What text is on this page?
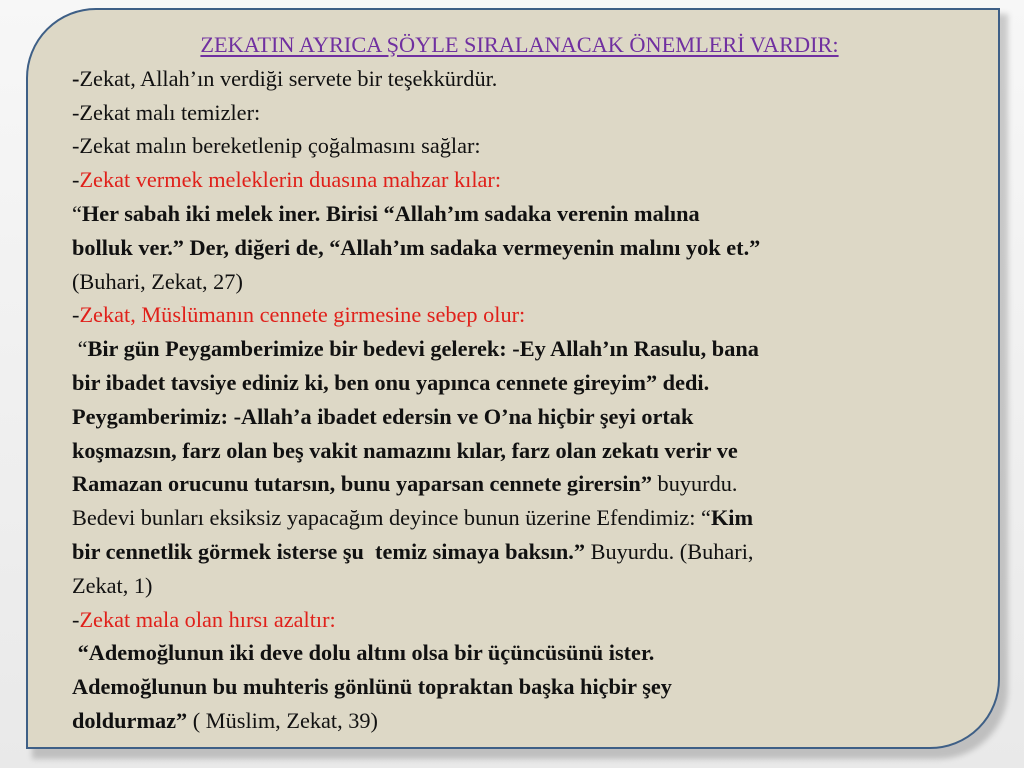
ZEKATIN AYRICA ŞÖYLE SIRALANACAK ÖNEMLERİ VARDIR:
-Zekat, Allah’ın verdiği servete bir teşekkürdür.
-Zekat malı temizler:
-Zekat malın bereketlenip çoğalmasını sağlar:
-Zekat vermek meleklerin duasına mahzar kılar:
“Her sabah iki melek iner. Birisi “Allah’ım sadaka verenin malına
bolluk ver.” Der, diğeri de, “Allah’ım sadaka vermeyenin malını yok et.”
(Buhari, Zekat, 27)
-Zekat, Müslümanın cennete girmesine sebep olur:
“Bir gün Peygamberimize bir bedevi gelerek: -Ey Allah’ın Rasulu, bana
bir ibadet tavsiye ediniz ki, ben onu yapınca cennete gireyim” dedi.
Peygamberimiz: -Allah’a ibadet edersin ve O’na hiçbir şeyi ortak
koşmazsın, farz olan beş vakit namazını kılar, farz olan zekatı verir ve
Ramazan orucunu tutarsın, bunu yaparsan cennete girersin” buyurdu.
Bedevi bunları eksiksiz yapacağım deyince bunun üzerine Efendimiz: “Kim
bir cennetlik görmek isterse şu  temiz simaya baksın.” Buyurdu. (Buhari,
Zekat, 1)
-Zekat mala olan hırsı azaltır:
“Ademoğlunun iki deve dolu altını olsa bir üçüncüsünü ister.
Ademoğlunun bu muhteris gönlünü topraktan başka hiçbir şey
doldurmaz” ( Müslim, Zekat, 39)
